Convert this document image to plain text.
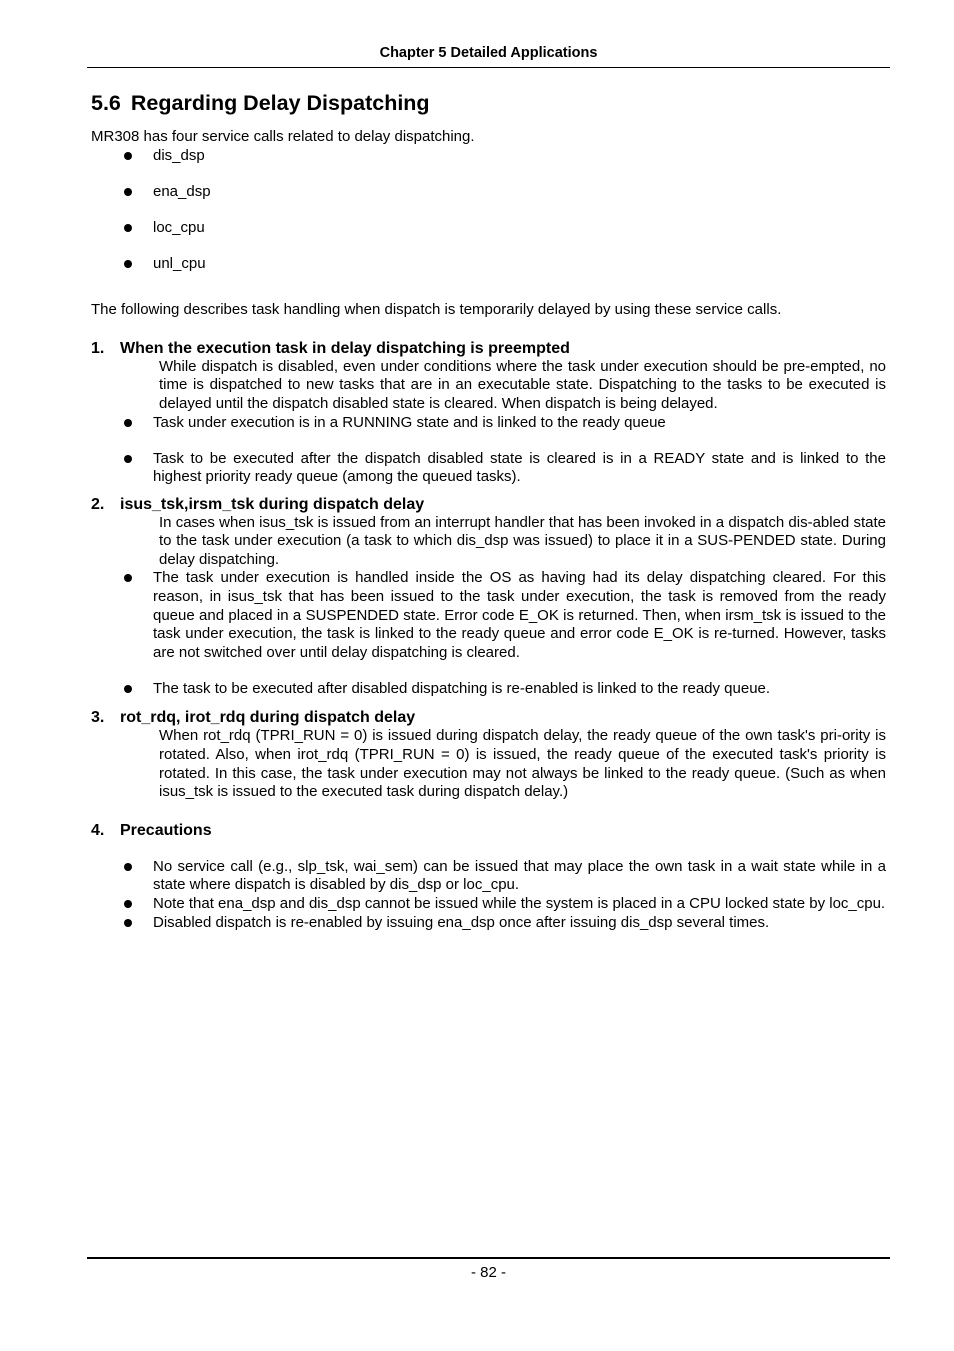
Chapter 5 Detailed Applications
5.6 Regarding Delay Dispatching

MR308 has four service calls related to delay dispatching.

dis_dsp
ena_dsp
loc_cpu
unl_cpu

The following describes task handling when dispatch is temporarily delayed by using these service calls.

1. When the execution task in delay dispatching is preempted

While dispatch is disabled, even under conditions where the task under execution should be pre-empted, no time is dispatched to new tasks that are in an executable state. Dispatching to the tasks to be executed is delayed until the dispatch disabled state is cleared. When dispatch is being delayed.

Task under execution is in a RUNNING state and is linked to the ready queue
Task to be executed after the dispatch disabled state is cleared is in a READY state and is linked to the highest priority ready queue (among the queued tasks).
2. isus_tsk,irsm_tsk during dispatch delay

In cases when isus_tsk is issued from an interrupt handler that has been invoked in a dispatch dis-abled state to the task under execution (a task to which dis_dsp was issued) to place it in a SUS-PENDED state. During delay dispatching.

The task under execution is handled inside the OS as having had its delay dispatching cleared. For this reason, in isus_tsk that has been issued to the task under execution, the task is removed from the ready queue and placed in a SUSPENDED state. Error code E_OK is returned. Then, when irsm_tsk is issued to the task under execution, the task is linked to the ready queue and error code E_OK is re-turned. However, tasks are not switched over until delay dispatching is cleared.
The task to be executed after disabled dispatching is re-enabled is linked to the ready queue.
3. rot_rdq, irot_rdq during dispatch delay

When rot_rdq (TPRI_RUN = 0) is issued during dispatch delay, the ready queue of the own task's pri-ority is rotated. Also, when irot_rdq (TPRI_RUN = 0) is issued, the ready queue of the executed task's priority is rotated. In this case, the task under execution may not always be linked to the ready queue. (Such as when isus_tsk is issued to the executed task during dispatch delay.)

4. Precautions
No service call (e.g., slp_tsk, wai_sem) can be issued that may place the own task in a wait state while in a state where dispatch is disabled by dis_dsp or loc_cpu.
Note that ena_dsp and dis_dsp cannot be issued while the system is placed in a CPU locked state by loc_cpu.
Disabled dispatch is re-enabled by issuing ena_dsp once after issuing dis_dsp several times.
- 82 -
